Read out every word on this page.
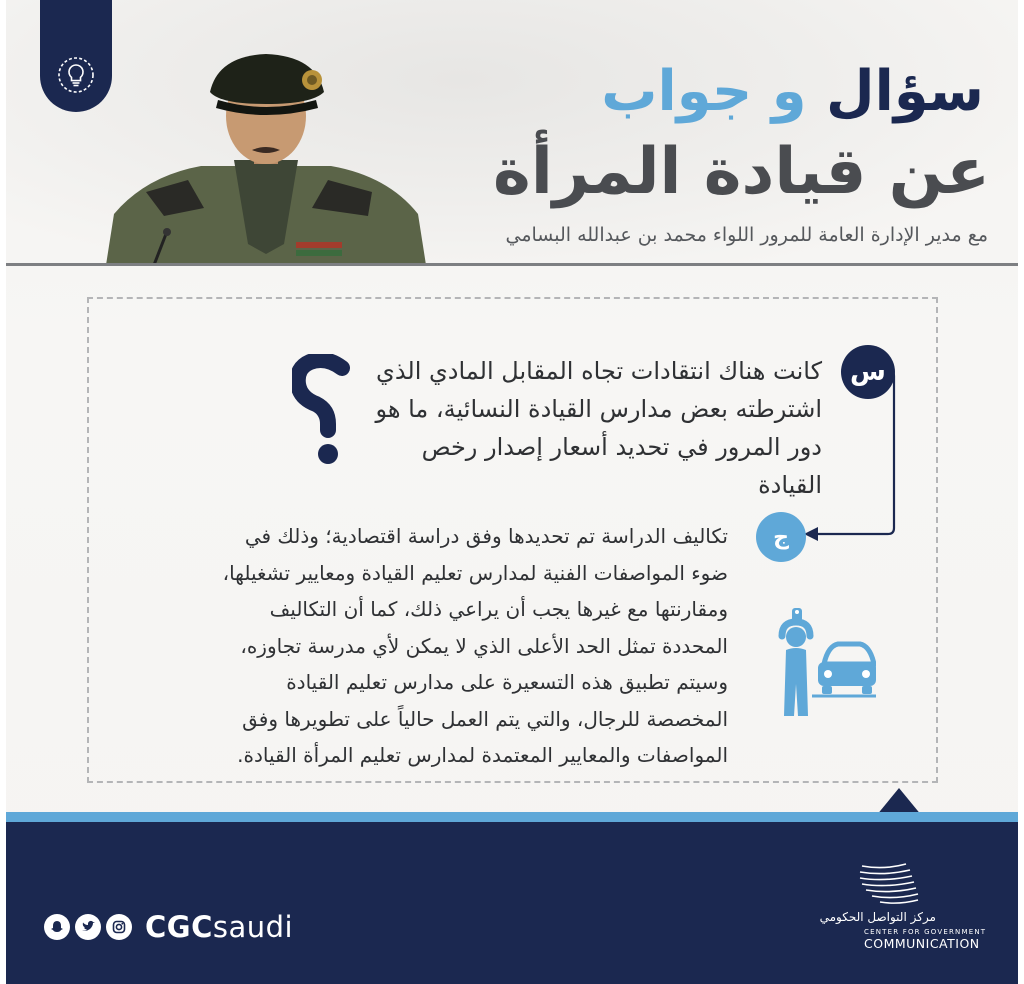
سؤال و جواب
عن قيادة المرأة
مع مدير الإدارة العامة للمرور اللواء محمد بن عبدالله البسامي
س
كانت هناك انتقادات تجاه المقابل المادي الذي اشترطته بعض مدارس القيادة النسائية، ما هو دور المرور في تحديد أسعار إصدار رخص القيادة
ج
تكاليف الدراسة تم تحديدها وفق دراسة اقتصادية؛ وذلك في ضوء المواصفات الفنية لمدارس تعليم القيادة ومعايير تشغيلها، ومقارنتها مع غيرها يجب أن يراعي ذلك، كما أن التكاليف المحددة تمثل الحد الأعلى الذي لا يمكن لأي مدرسة تجاوزه، وسيتم تطبيق هذه التسعيرة على مدارس تعليم القيادة المخصصة للرجال، والتي يتم العمل حالياً على تطويرها وفق المواصفات والمعايير المعتمدة لمدارس تعليم المرأة القيادة.
CGCsaudi	مركز التواصل الحكومي
CENTER FOR GOVERNMENT
COMMUNICATION
